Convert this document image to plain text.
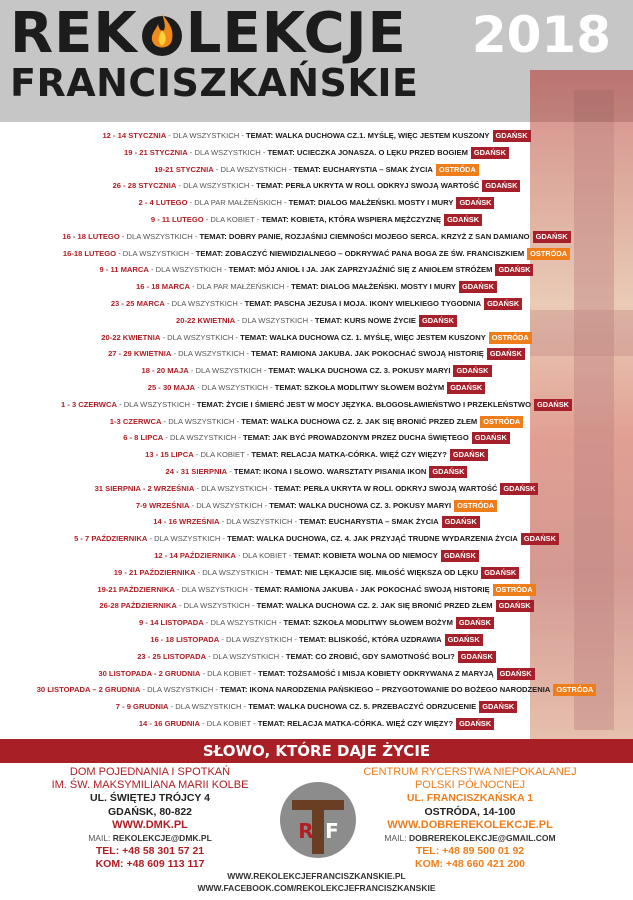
REK LEKCJE
FRANCISZKAŃSKIE
2018
12 - 14 STYCZNIA - DLA WSZYSTKICH - TEMAT: WALKA DUCHOWA CZ.1. MYŚLĘ, WIĘC JESTEM KUSZONY GDAŃSK
19 - 21 STYCZNIA - DLA WSZYSTKICH - TEMAT: UCIECZKA JONASZA. O LĘKU PRZED BOGIEM GDAŃSK
19-21 STYCZNIA - DLA WSZYSTKICH - TEMAT: EUCHARYSTIA – SMAK ŻYCIA OSTRÓDA
26 - 28 STYCZNIA - DLA WSZYSTKICH - TEMAT: PERŁA UKRYTA W ROLI. ODKRYJ SWOJĄ WARTOŚĆ GDAŃSK
2 - 4 LUTEGO - DLA PAR MAŁŻEŃSKICH - TEMAT: DIALOG MAŁŻEŃSKI. MOSTY I MURY GDAŃSK
9 - 11 LUTEGO - DLA KOBIET - TEMAT: KOBIETA, KTÓRA WSPIERA MĘŻCZYZNĘ GDAŃSK
16 - 18 LUTEGO - DLA WSZYSTKICH - TEMAT: DOBRY PANIE, ROZJAŚNIJ CIEMNOŚCI MOJEGO SERCA. KRZYŻ Z SAN DAMIANO GDAŃSK
16-18 LUTEGO - DLA WSZYSTKICH - TEMAT: ZOBACZYĆ NIEWIDZIALNEGO – ODKRYWAĆ PANA BOGA ZE ŚW. FRANCISZKIEM OSTRÓDA
9 - 11 MARCA - DLA WSZYSTKICH - TEMAT: MÓJ ANIOŁ I JA. JAK ZAPRZYJAŹNIĆ SIĘ Z ANIOŁEM STRÓŻEM GDAŃSK
16 - 18 MARCA - DLA PAR MAŁŻEŃSKICH - TEMAT: DIALOG MAŁŻEŃSKI. MOSTY I MURY GDAŃSK
23 - 25 MARCA - DLA WSZYSTKICH - TEMAT: PASCHA JEZUSA I MOJA. IKONY WIELKIEGO TYGODNIA GDAŃSK
20-22 KWIETNIA - DLA WSZYSTKICH - TEMAT: KURS NOWE ŻYCIE GDAŃSK
20-22 KWIETNIA - DLA WSZYSTKICH - TEMAT: WALKA DUCHOWA CZ. 1. MYŚLĘ, WIĘC JESTEM KUSZONY OSTRÓDA
27 - 29 KWIETNIA - DLA WSZYSTKICH - TEMAT: RAMIONA JAKUBA. JAK POKOCHAĆ SWOJĄ HISTORIĘ GDAŃSK
18 - 20 MAJA - DLA WSZYSTKICH - TEMAT: WALKA DUCHOWA CZ. 3. POKUSY MARYI GDAŃSK
25 - 30 MAJA - DLA WSZYSTKICH - TEMAT: SZKOŁA MODLITWY SŁOWEM BOŻYM GDAŃSK
1 - 3 CZERWCA - DLA WSZYSTKICH - TEMAT: ŻYCIE I ŚMIERĆ JEST W MOCY JĘZYKA. BŁOGOSŁAWIEŃSTWO I PRZEKLEŃSTWO GDAŃSK
1-3 CZERWCA - DLA WSZYSTKICH - TEMAT: WALKA DUCHOWA CZ. 2. JAK SIĘ BRONIĆ PRZED ZŁEM OSTRÓDA
6 - 8 LIPCA - DLA WSZYSTKICH - TEMAT: JAK BYĆ PROWADZONYM PRZEZ DUCHA ŚWIĘTEGO GDAŃSK
13 - 15 LIPCA - DLA KOBIET - TEMAT: RELACJA MATKA-CÓRKA. WIĘŹ CZY WIĘZY? GDAŃSK
24 - 31 SIERPNIA - TEMAT: IKONA I SŁOWO. WARSZTATY PISANIA IKON GDAŃSK
31 SIERPNIA - 2 WRZEŚNIA - DLA WSZYSTKICH - TEMAT: PERŁA UKRYTA W ROLI. ODKRYJ SWOJĄ WARTOŚĆ GDAŃSK
7-9 WRZEŚNIA - DLA WSZYSTKICH - TEMAT: WALKA DUCHOWA CZ. 3. POKUSY MARYI OSTRÓDA
14 - 16 WRZEŚNIA - DLA WSZYSTKICH - TEMAT: EUCHARYSTIA – SMAK ŻYCIA GDAŃSK
5 - 7 PAŹDZIERNIKA - DLA WSZYSTKICH - TEMAT: WALKA DUCHOWA, CZ. 4. JAK PRZYJĄĆ TRUDNE WYDARZENIA ŻYCIA GDAŃSK
12 - 14 PAŹDZIERNIKA - DLA KOBIET - TEMAT: KOBIETA WOLNA OD NIEMOCY GDAŃSK
19 - 21 PAŹDZIERNIKA - DLA WSZYSTKICH - TEMAT: NIE LĘKAJCIE SIĘ. MIŁOŚĆ WIĘKSZA OD LĘKU GDAŃSK
19-21 PAŹDZIERNIKA - DLA WSZYSTKICH - TEMAT: RAMIONA JAKUBA - JAK POKOCHAĆ SWOJĄ HISTORIĘ OSTRÓDA
26-28 PAŹDZIERNIKA - DLA WSZYSTKICH - TEMAT: WALKA DUCHOWA CZ. 2. JAK SIĘ BRONIĆ PRZED ZŁEM GDAŃSK
9 - 14 LISTOPADA - DLA WSZYSTKICH - TEMAT: SZKOŁA MODLITWY SŁOWEM BOŻYM GDAŃSK
16 - 18 LISTOPADA - DLA WSZYSTKICH - TEMAT: BLISKOŚĆ, KTÓRA UZDRAWIA GDAŃSK
23 - 25 LISTOPADA - DLA WSZYSTKICH - TEMAT: CO ZROBIĆ, GDY SAMOTNOŚĆ BOLI? GDAŃSK
30 LISTOPADA - 2 GRUDNIA - DLA KOBIET - TEMAT: TOŻSAMOŚĆ I MISJA KOBIETY ODKRYWANA Z MARYJĄ GDAŃSK
30 LISTOPADA – 2 GRUDNIA - DLA WSZYSTKICH - TEMAT: IKONA NARODZENIA PAŃSKIEGO – PRZYGOTOWANIE DO BOŻEGO NARODZENIA OSTRÓDA
7 - 9 GRUDNIA - DLA WSZYSTKICH - TEMAT: WALKA DUCHOWA CZ. 5. PRZEBACZYĆ ODRZUCENIE GDAŃSK
14 - 16 GRUDNIA - DLA KOBIET - TEMAT: RELACJA MATKA-CÓRKA. WIĘŹ CZY WIĘZY? GDAŃSK
SŁOWO, KTÓRE DAJE ŻYCIE
DOM POJEDNANIA I SPOTKAŃ
IM. ŚW. MAKSYMILIANA MARII KOLBE
UL. ŚWIĘTEJ TRÓJCY 4
GDAŃSK, 80-822
WWW.DMK.PL
MAIL: REKOLEKCJE@DMK.PL
TEL: +48 58 301 57 21
KOM: +48 609 113 117
R F
CENTRUM RYCERSTWA NIEPOKALANEJ
POLSKI PÓŁNOCNEJ
UL. FRANCISZKAŃSKA 1
OSTRÓDA, 14-100
WWW.DOBREREKOLEKCJE.PL
MAIL: DOBREREKOLEKCJE@GMAIL.COM
TEL: +48 89 500 01 92
KOM: +48 660 421 200
WWW.REKOLEKCJEFRANCISZKANSKIE.PL
WWW.FACEBOOK.COM/REKOLEKCJEFRANCISZKANSKIE
